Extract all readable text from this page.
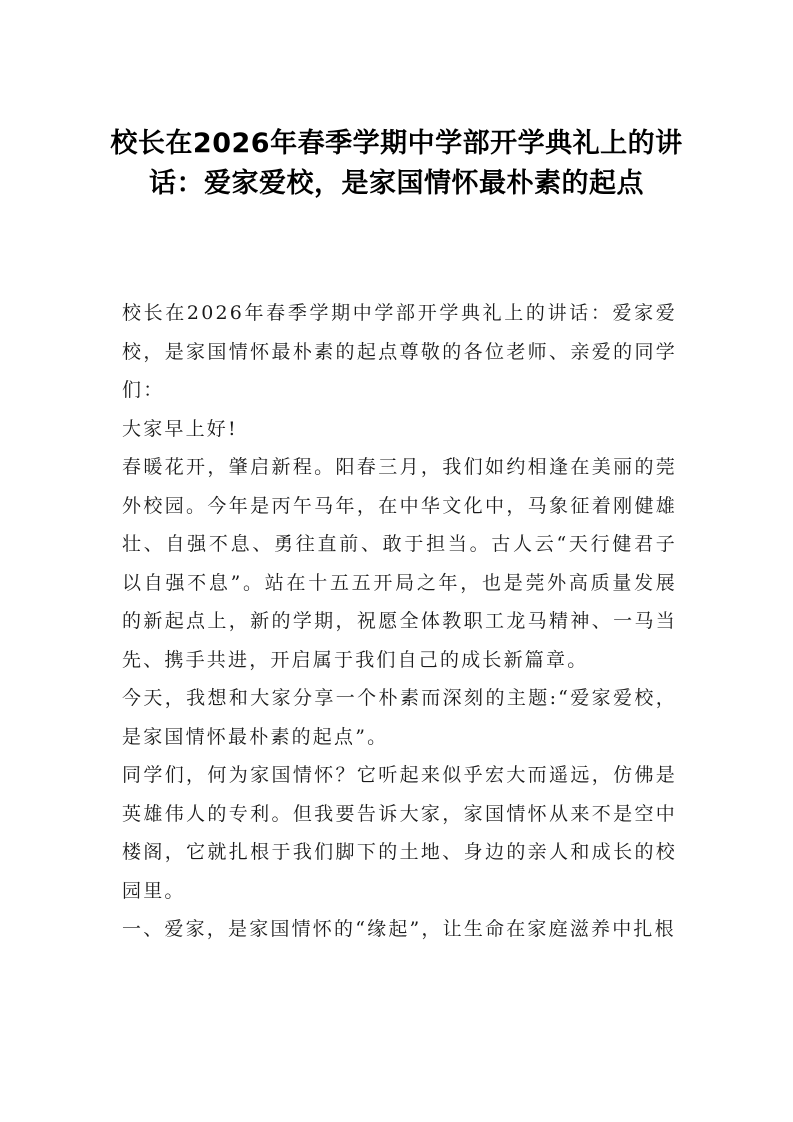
校长在2026年春季学期中学部开学典礼上的讲话：爱家爱校，是家国情怀最朴素的起点

校长在2026年春季学期中学部开学典礼上的讲话：爱家爱校，是家国情怀最朴素的起点尊敬的各位老师、亲爱的同学们：

大家早上好!

春暖花开，肇启新程。阳春三月，我们如约相逢在美丽的莞外校园。今年是丙午马年，在中华文化中，马象征着刚健雄壮、自强不息、勇往直前、敢于担当。古人云“天行健君子以自强不息”。站在十五五开局之年，也是莞外高质量发展的新起点上，新的学期，祝愿全体教职工龙马精神、一马当先、携手共进，开启属于我们自己的成长新篇章。

今天，我想和大家分享一个朴素而深刻的主题:“爱家爱校，是家国情怀最朴素的起点”。

同学们，何为家国情怀？它听起来似乎宏大而遥远，仿佛是英雄伟人的专利。但我要告诉大家，家国情怀从来不是空中楼阁，它就扎根于我们脚下的土地、身边的亲人和成长的校园里。

一、爱家，是家国情怀的“缘起”，让生命在家庭滋养中扎根
